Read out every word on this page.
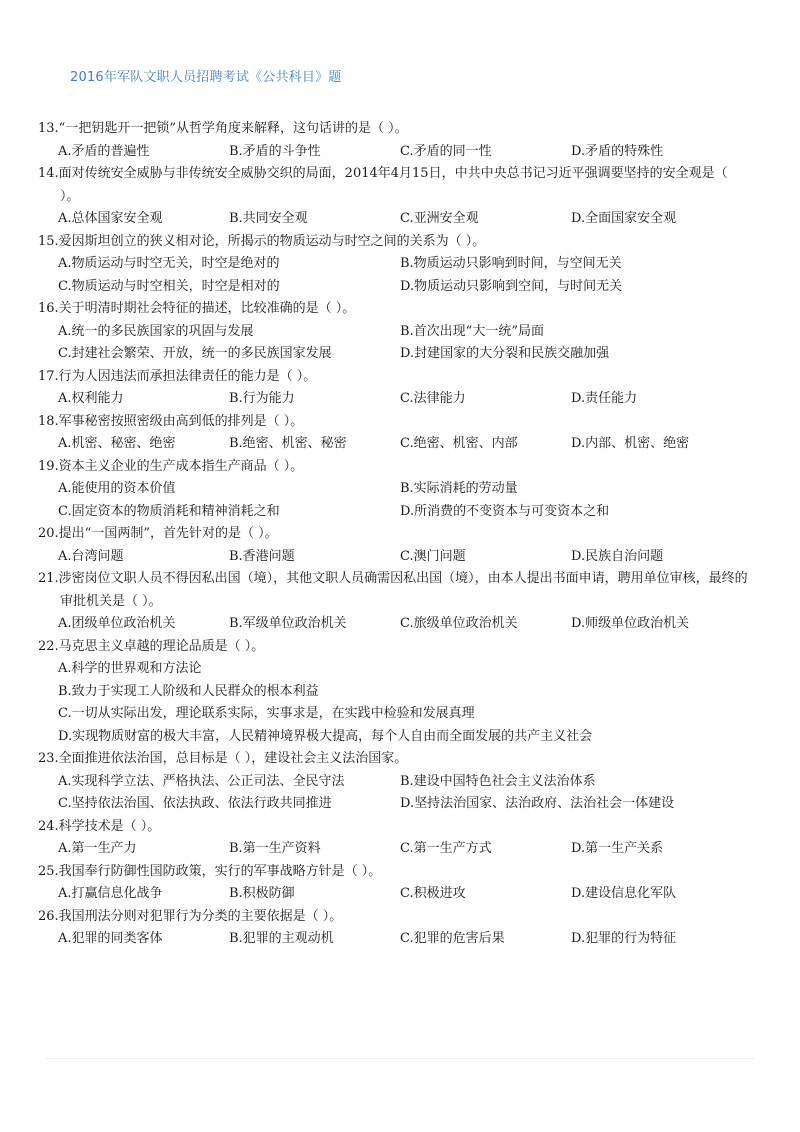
2016年军队文职人员招聘考试《公共科目》题
13.“一把钥匙开一把锁”从哲学角度来解释，这句话讲的是（ ）。
A.矛盾的普遍性	B.矛盾的斗争性	C.矛盾的同一性	D.矛盾的特殊性
14.面对传统安全威胁与非传统安全威胁交织的局面，2014年4月15日，中共中央总书记习近平强调要坚持的安全观是（ ）。
A.总体国家安全观	B.共同安全观	C.亚洲安全观	D.全面国家安全观
15.爱因斯坦创立的狭义相对论，所揭示的物质运动与时空之间的关系为（ ）。
A.物质运动与时空无关，时空是绝对的	B.物质运动只影响到时间，与空间无关
C.物质运动与时空相关，时空是相对的	D.物质运动只影响到空间，与时间无关
16.关于明清时期社会特征的描述，比较准确的是（ ）。
A.统一的多民族国家的巩固与发展	B.首次出现“大一统”局面
C.封建社会繁荣、开放，统一的多民族国家发展	D.封建国家的大分裂和民族交融加强
17.行为人因违法而承担法律责任的能力是（ ）。
A.权利能力	B.行为能力	C.法律能力	D.责任能力
18.军事秘密按照密级由高到低的排列是（ ）。
A.机密、秘密、绝密	B.绝密、机密、秘密	C.绝密、机密、内部	D.内部、机密、绝密
19.资本主义企业的生产成本指生产商品（ ）。
A.能使用的资本价值	B.实际消耗的劳动量
C.固定资本的物质消耗和精神消耗之和	D.所消费的不变资本与可变资本之和
20.提出“一国两制”，首先针对的是（ ）。
A.台湾问题	B.香港问题	C.澳门问题	D.民族自治问题
21.涉密岗位文职人员不得因私出国（境），其他文职人员确需因私出国（境），由本人提出书面申请，聘用单位审核，最终的审批机关是（ ）。
A.团级单位政治机关	B.军级单位政治机关	C.旅级单位政治机关	D.师级单位政治机关
22.马克思主义卓越的理论品质是（ ）。
A.科学的世界观和方法论
B.致力于实现工人阶级和人民群众的根本利益
C.一切从实际出发，理论联系实际，实事求是，在实践中检验和发展真理
D.实现物质财富的极大丰富，人民精神境界极大提高，每个人自由而全面发展的共产主义社会
23.全面推进依法治国，总目标是（ ），建设社会主义法治国家。
A.实现科学立法、严格执法、公正司法、全民守法	B.建设中国特色社会主义法治体系
C.坚持依法治国、依法执政、依法行政共同推进	D.坚持法治国家、法治政府、法治社会一体建设
24.科学技术是（ ）。
A.第一生产力	B.第一生产资料	C.第一生产方式	D.第一生产关系
25.我国奉行防御性国防政策，实行的军事战略方针是（ ）。
A.打赢信息化战争	B.积极防御	C.积极进攻	D.建设信息化军队
26.我国刑法分则对犯罪行为分类的主要依据是（ ）。
A.犯罪的同类客体	B.犯罪的主观动机	C.犯罪的危害后果	D.犯罪的行为特征
